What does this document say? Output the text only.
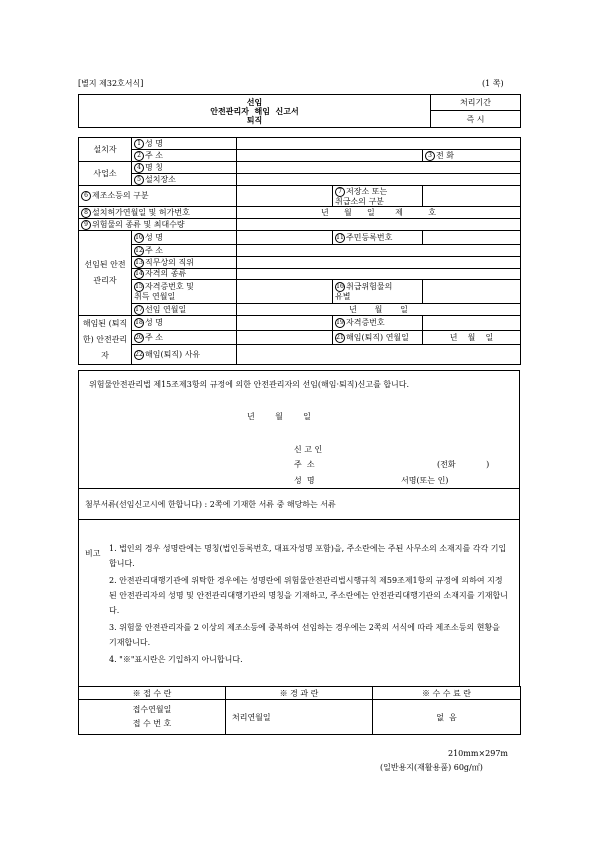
[별지 제32호서식]	(1 쪽)
선임
안전관리자  해임  신고서
퇴직
	처리기간
즉 시
설치자	1 성 명			
	2 주 소			3 전 화
사업소	4 명 칭			
	5 설치장소			
6 제조소등의 구분			7 저장소 또는
취급소의 구분	
8 설치허가연월일 및 허가번호		년      월      일        제          호		
9 위험물의 종류 및 최대수량				
선임된 안전관리자	10 성 명		11 주민등록번호	
	12 주 소			
	13 직무상의 직위			
	14 자격의 종류			
	15 자격증번호 및
취득 연월일		16 취급위험물의
유별	
	17 선임 연월일	년       월       일		
해임된 (퇴직한) 안전관리자	18 성 명		19 자격증번호	
	20 주 소		21 해임(퇴직) 연월일	년    월    일
	22 해임(퇴직) 사유			
위험물안전관리법 제15조제3항의 규정에 의한 안전관리자의 선임(해임·퇴직)신고를 합니다.
년        월        일
신 고 인
주  소	(전화            )
성  명	서명(또는 인)
첨부서류(선임신고시에 한합니다) : 2쪽에 기재한 서류 중 해당하는 서류
비고
1. 법인의 경우 성명란에는 명칭(법인등록번호, 대표자성명 포함)을, 주소란에는 주된 사무소의 소재지를 각각 기입합니다.
2. 안전관리대행기관에 위탁한 경우에는 성명란에 위험물안전관리법시행규칙 제59조제1항의 규정에 의하여 지정된 안전관리자의 성명 및 안전관리대행기관의 명칭을 기재하고, 주소란에는 안전관리대행기관의 소재지를 기재합니다.
3. 위험물 안전관리자를 2 이상의 제조소등에 중복하여 선임하는 경우에는 2쪽의 서식에 따라 제조소등의 현황을 기재합니다.
4. "※"표시란은 기입하지 아니합니다.
※ 접 수 란	※ 경 과 란	※ 수 수 료 란
접수연월일
접 수 번 호	처리연월일	없  음
210mm×297m
(일반용지(재활용품) 60g/㎡)
